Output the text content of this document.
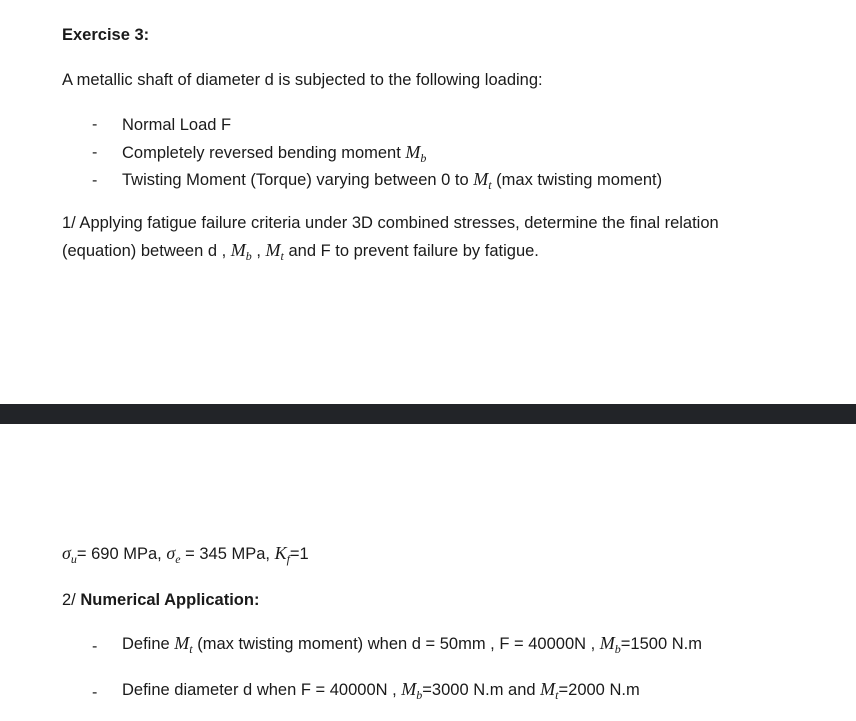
Exercise 3:
A metallic shaft of diameter d is subjected to the following loading:
- Normal Load F
- Completely reversed bending moment $M_b$
- Twisting Moment (Torque) varying between 0 to $M_t$ (max twisting moment)
1/ Applying fatigue failure criteria under 3D combined stresses, determine the final relation
(equation) between d , $M_b$ , $M_t$ and F to prevent failure by fatigue.
$\sigma_u= 690$ MPa, $\sigma_e = 345$ MPa, $K_f=1$
2/ Numerical Application:
- Define $M_t$ (max twisting moment) when d = 50mm , F = 40000N , $M_b=1500$ N.m
- Define diameter d when F = 40000N , $M_b=3000$ N.m and $M_t=2000$ N.m
